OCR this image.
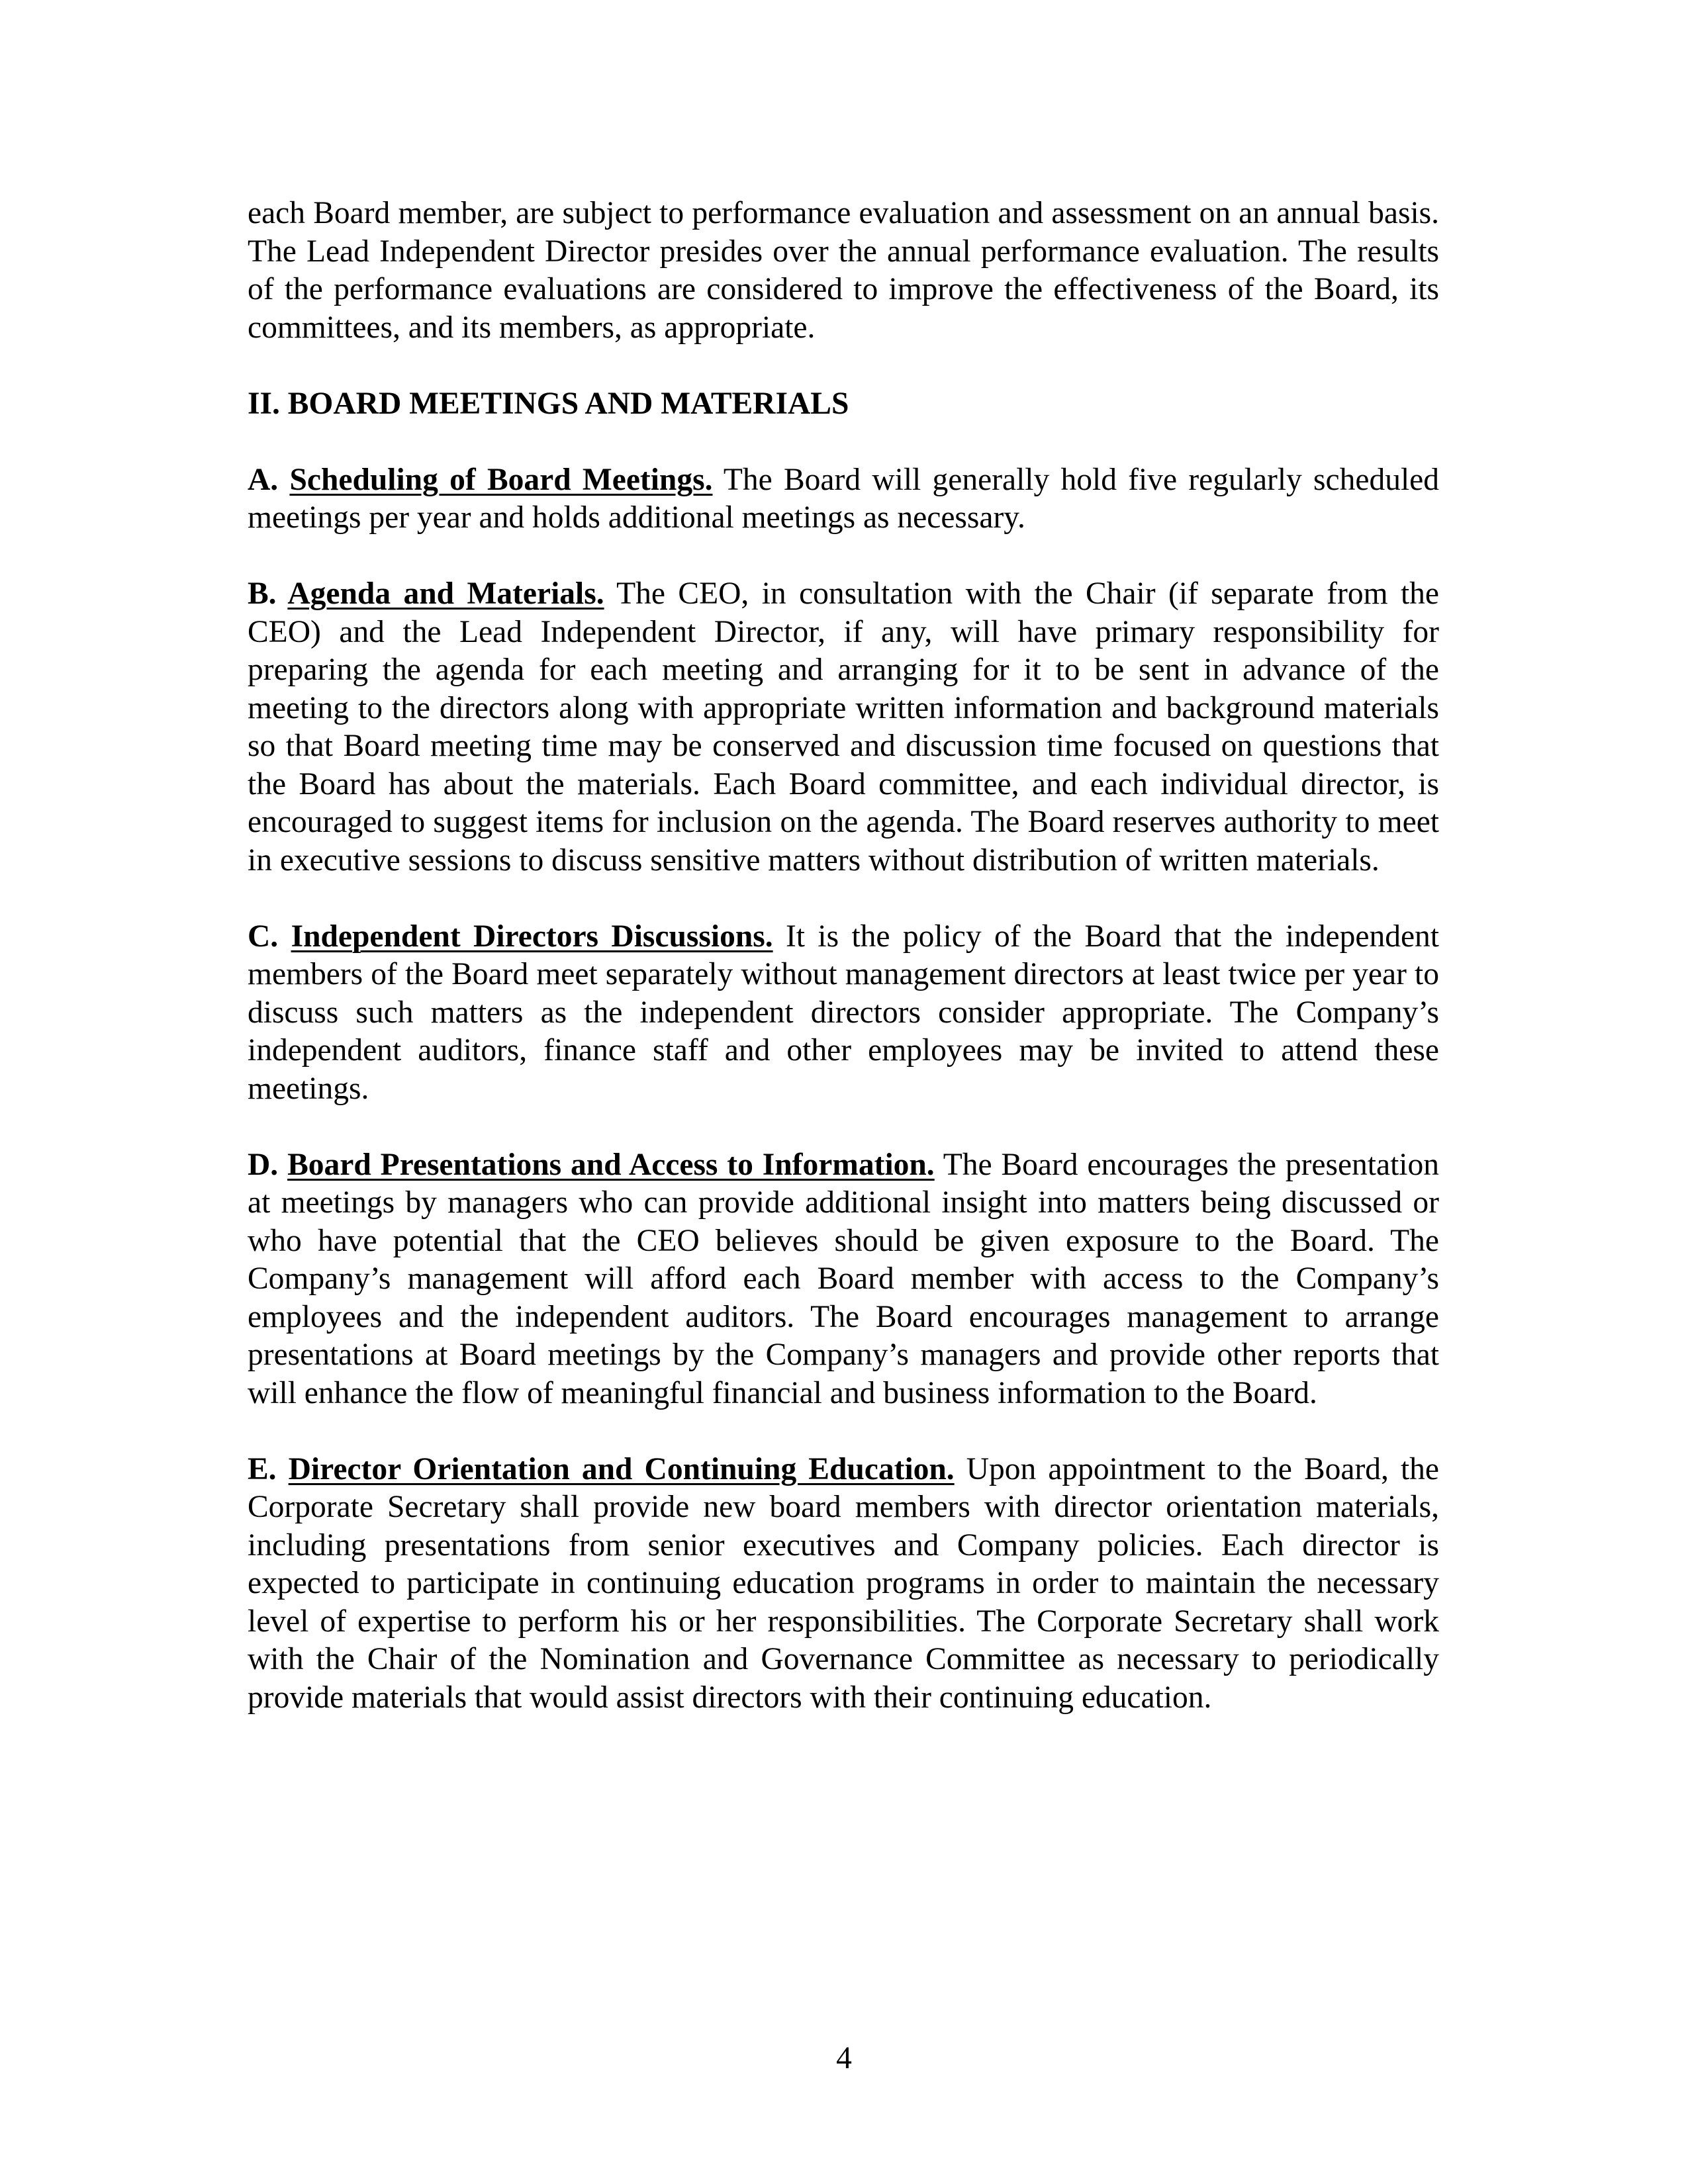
each Board member, are subject to performance evaluation and assessment on an annual basis. The Lead Independent Director presides over the annual performance evaluation. The results of the performance evaluations are considered to improve the effectiveness of the Board, its committees, and its members, as appropriate.

II. BOARD MEETINGS AND MATERIALS

A. Scheduling of Board Meetings. The Board will generally hold five regularly scheduled meetings per year and holds additional meetings as necessary.

B. Agenda and Materials. The CEO, in consultation with the Chair (if separate from the CEO) and the Lead Independent Director, if any, will have primary responsibility for preparing the agenda for each meeting and arranging for it to be sent in advance of the meeting to the directors along with appropriate written information and background materials so that Board meeting time may be conserved and discussion time focused on questions that the Board has about the materials. Each Board committee, and each individual director, is encouraged to suggest items for inclusion on the agenda. The Board reserves authority to meet in executive sessions to discuss sensitive matters without distribution of written materials.

C. Independent Directors Discussions. It is the policy of the Board that the independent members of the Board meet separately without management directors at least twice per year to discuss such matters as the independent directors consider appropriate. The Company’s independent auditors, finance staff and other employees may be invited to attend these meetings.

D. Board Presentations and Access to Information. The Board encourages the presentation at meetings by managers who can provide additional insight into matters being discussed or who have potential that the CEO believes should be given exposure to the Board. The Company’s management will afford each Board member with access to the Company’s employees and the independent auditors. The Board encourages management to arrange presentations at Board meetings by the Company’s managers and provide other reports that will enhance the flow of meaningful financial and business information to the Board.

E. Director Orientation and Continuing Education. Upon appointment to the Board, the Corporate Secretary shall provide new board members with director orientation materials, including presentations from senior executives and Company policies. Each director is expected to participate in continuing education programs in order to maintain the necessary level of expertise to perform his or her responsibilities. The Corporate Secretary shall work with the Chair of the Nomination and Governance Committee as necessary to periodically provide materials that would assist directors with their continuing education.

4
